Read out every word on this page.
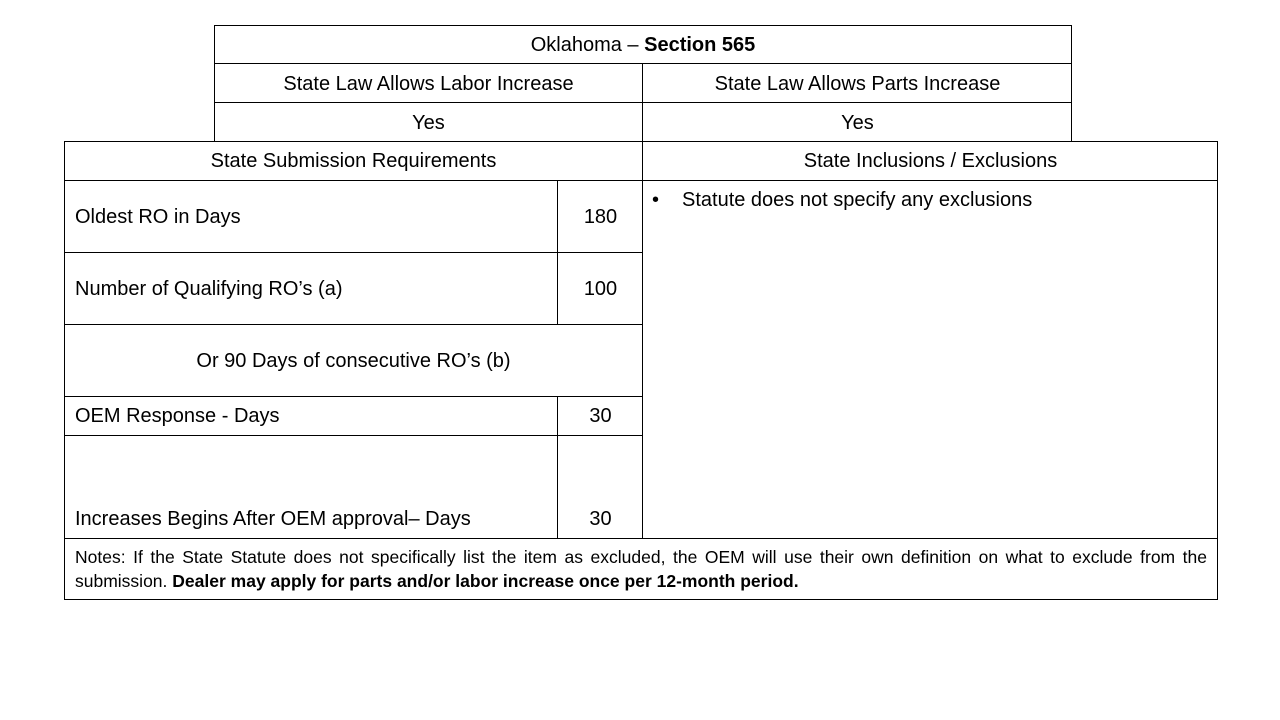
Oklahoma – Section 565
State Law Allows Labor Increase	State Law Allows Parts Increase
Yes	Yes
State Submission Requirements	State Inclusions / Exclusions
Oldest RO in Days	180
Number of Qualifying RO’s (a)	100
Or 90 Days of consecutive RO’s (b)
OEM Response - Days	30
Increases Begins After OEM approval– Days	30
• Statute does not specify any exclusions
Notes: If the State Statute does not specifically list the item as excluded, the OEM will use their own definition on what to exclude from the submission. Dealer may apply for parts and/or labor increase once per 12-month period.
